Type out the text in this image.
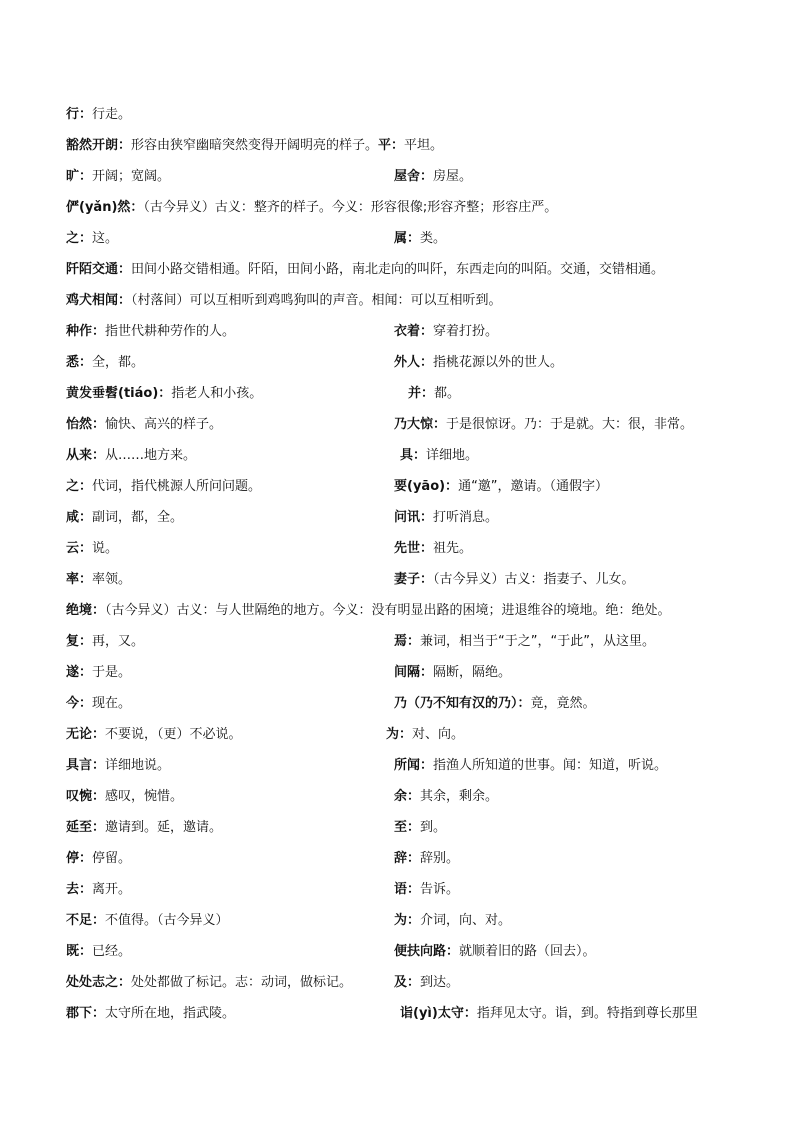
行：行走。
豁然开朗：形容由狭窄幽暗突然变得开阔明亮的样子。平：平坦。
旷：开阔；宽阔。	屋舍：房屋。
俨(yǎn)然：（古今异义）古义：整齐的样子。今义：形容很像;形容齐整；形容庄严。
之：这。	属：类。
阡陌交通：田间小路交错相通。阡陌，田间小路，南北走向的叫阡，东西走向的叫陌。交通，交错相通。
鸡犬相闻：（村落间）可以互相听到鸡鸣狗叫的声音。相闻：可以互相听到。
种作：指世代耕种劳作的人。	衣着：穿着打扮。
悉：全，都。	外人：指桃花源以外的世人。
黄发垂髫(tiáo)：指老人和小孩。	并：都。
怡然：愉快、高兴的样子。	乃大惊：于是很惊讶。乃：于是就。大：很，非常。
从来：从……地方来。	具：详细地。
之：代词，指代桃源人所问问题。	要(yāo)：通“邀”，邀请。（通假字）
咸：副词，都，全。	问讯：打听消息。
云：说。	先世：祖先。
率：率领。	妻子：（古今异义）古义：指妻子、儿女。
绝境：（古今异义）古义：与人世隔绝的地方。今义：没有明显出路的困境；进退维谷的境地。绝：绝处。
复：再，又。	焉：兼词，相当于“于之”，“于此”，从这里。
遂：于是。	间隔：隔断，隔绝。
今：现在。	乃（乃不知有汉的乃）：竟，竟然。
无论：不要说，（更）不必说。	为：对、向。
具言：详细地说。	所闻：指渔人所知道的世事。闻：知道，听说。
叹惋：感叹，惋惜。	余：其余，剩余。
延至：邀请到。延，邀请。	至：到。
停：停留。	辞：辞别。
去：离开。	语：告诉。
不足：不值得。（古今异义）	为：介词，向、对。
既：已经。	便扶向路：就顺着旧的路（回去）。
处处志之：处处都做了标记。志：动词，做标记。	及：到达。
郡下：太守所在地，指武陵。	诣(yì)太守：指拜见太守。诣，到。特指到尊长那里
